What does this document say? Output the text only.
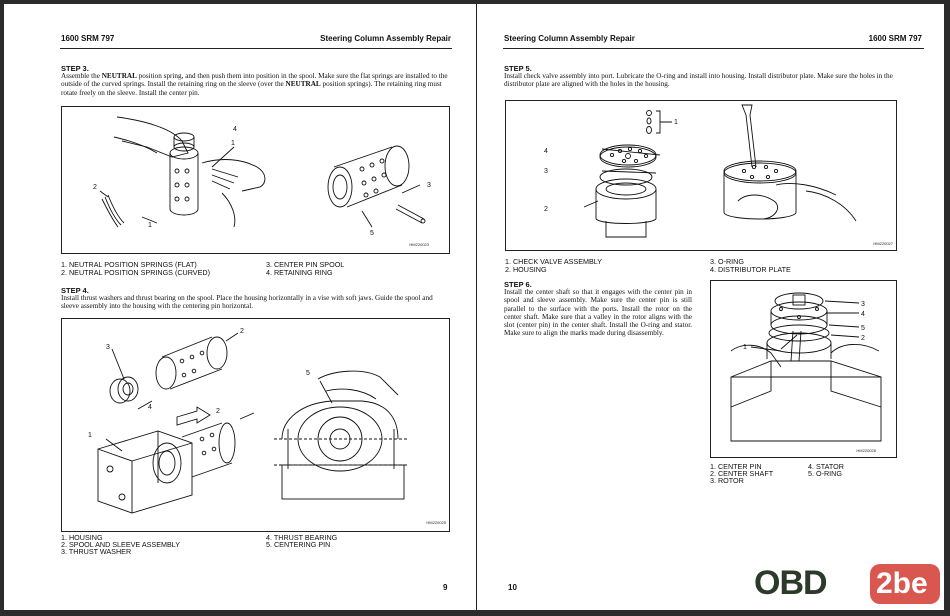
1600 SRM 797	Steering Column Assembly Repair
STEP 3.
Assemble the NEUTRAL position spring, and then push them into position in the spool. Make sure the flat springs are installed to the outside of the curved springs. Install the retaining ring on the sleeve (over the NEUTRAL position springs). The retaining ring must rotate freely on the sleeve. Install the center pin.
4
1
2
1
3
5
HM220023
1. NEUTRAL POSITION SPRINGS (FLAT)
2. NEUTRAL POSITION SPRINGS (CURVED)
3. CENTER PIN SPOOL
4. RETAINING RING
STEP 4.
Install thrust washers and thrust bearing on the spool. Place the housing horizontally in a vise with soft jaws. Guide the spool and sleeve assembly into the housing with the centering pin horizontal.
2
3
4
2
1
5
HM220025
1. HOUSING
2. SPOOL AND SLEEVE ASSEMBLY
3. THRUST WASHER
4. THRUST BEARING
5. CENTERING PIN
9
Steering Column Assembly Repair	1600 SRM 797
STEP 5.
Install check valve assembly into port. Lubricate the O-ring and install into housing. Install distributor plate. Make sure the holes in the distributor plate are aligned with the holes in the housing.
1
4
3
2
HM220027
1. CHECK VALVE ASSEMBLY
2. HOUSING
3. O-RING
4. DISTRIBUTOR PLATE
STEP 6.
Install the center shaft so that it engages with the center pin in spool and sleeve assembly. Make sure the center pin is still parallel to the surface with the ports. Install the rotor on the center shaft. Make sure that a valley in the rotor aligns with the slot (center pin) in the center shaft. Install the O-ring and stator. Make sure to align the marks made during disassembly.
3
4
5
2
1
HM220028
1. CENTER PIN
2. CENTER SHAFT
3. ROTOR
4. STATOR
5. O-RING
10	OBD 2be
